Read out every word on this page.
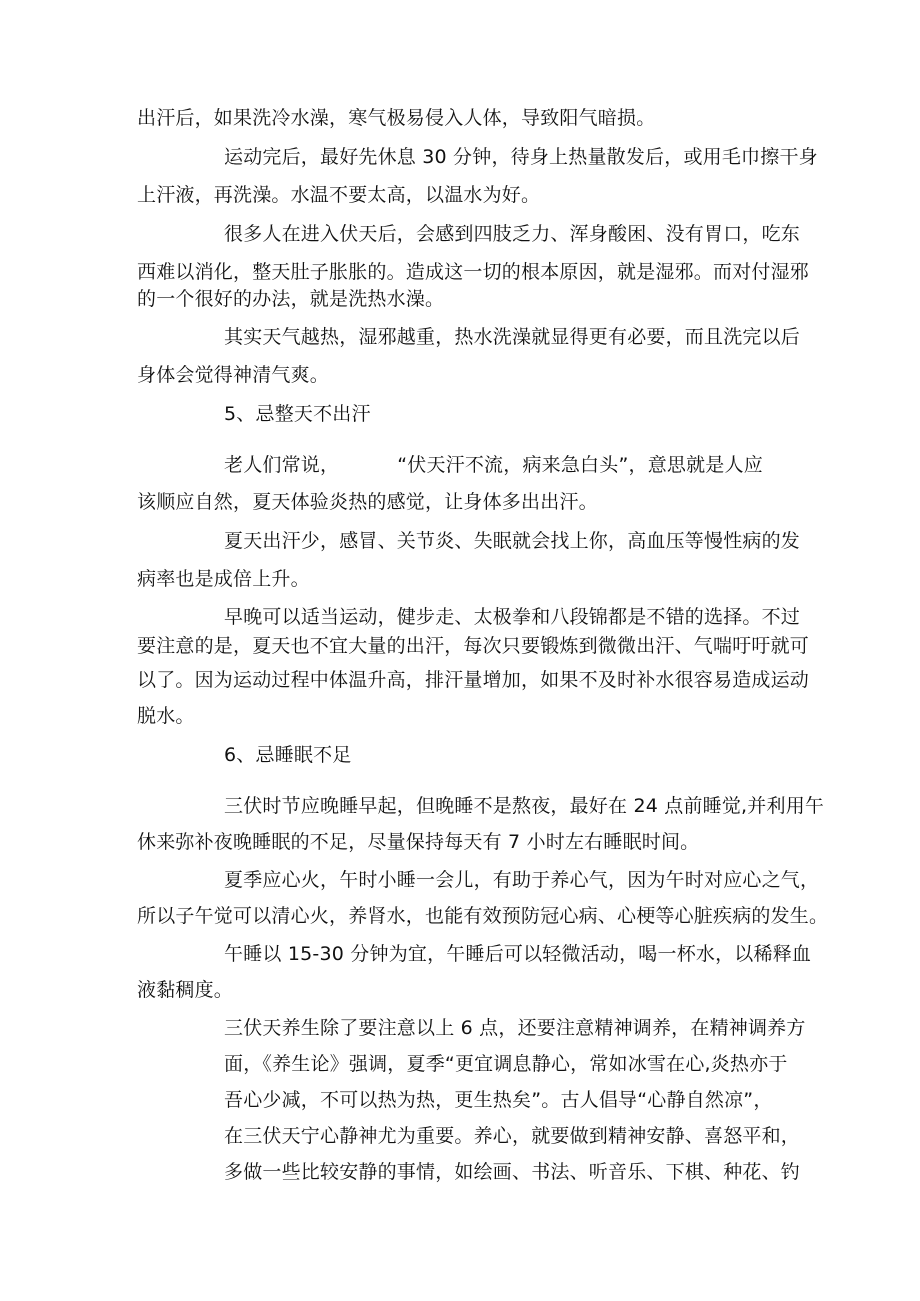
出汗后，如果洗冷水澡，寒气极易侵入人体，导致阳气暗损。
运动完后，最好先休息 30 分钟，待身上热量散发后，或用毛巾擦干身
上汗液，再洗澡。水温不要太高，以温水为好。
很多人在进入伏天后，会感到四肢乏力、浑身酸困、没有胃口，吃东
西难以消化，整天肚子胀胀的。造成这一切的根本原因，就是湿邪。而对付湿邪
的一个很好的办法，就是洗热水澡。
其实天气越热，湿邪越重，热水洗澡就显得更有必要，而且洗完以后
身体会觉得神清气爽。
5、忌整天不出汗
老人们常说，	“伏天汗不流，病来急白头”，意思就是人应
该顺应自然，夏天体验炎热的感觉，让身体多出出汗。
夏天出汗少，感冒、关节炎、失眠就会找上你，高血压等慢性病的发
病率也是成倍上升。
早晚可以适当运动，健步走、太极拳和八段锦都是不错的选择。不过
要注意的是，夏天也不宜大量的出汗，每次只要锻炼到微微出汗、气喘吁吁就可
以了。因为运动过程中体温升高，排汗量增加，如果不及时补水很容易造成运动
脱水。
6、忌睡眠不足
三伏时节应晚睡早起，但晚睡不是熬夜，最好在 24 点前睡觉,并利用午
休来弥补夜晚睡眠的不足，尽量保持每天有 7 小时左右睡眠时间。
夏季应心火，午时小睡一会儿，有助于养心气，因为午时对应心之气，
所以子午觉可以清心火，养肾水，也能有效预防冠心病、心梗等心脏疾病的发生。
午睡以 15-30 分钟为宜，午睡后可以轻微活动，喝一杯水，以稀释血
液黏稠度。
三伏天养生除了要注意以上 6 点，还要注意精神调养，在精神调养方
面，《养生论》强调，夏季“更宜调息静心，常如冰雪在心,炎热亦于
吾心少减，不可以热为热，更生热矣”。古人倡导“心静自然凉”，
在三伏天宁心静神尤为重要。养心，就要做到精神安静、喜怒平和，
多做一些比较安静的事情，如绘画、书法、听音乐、下棋、种花、钓
